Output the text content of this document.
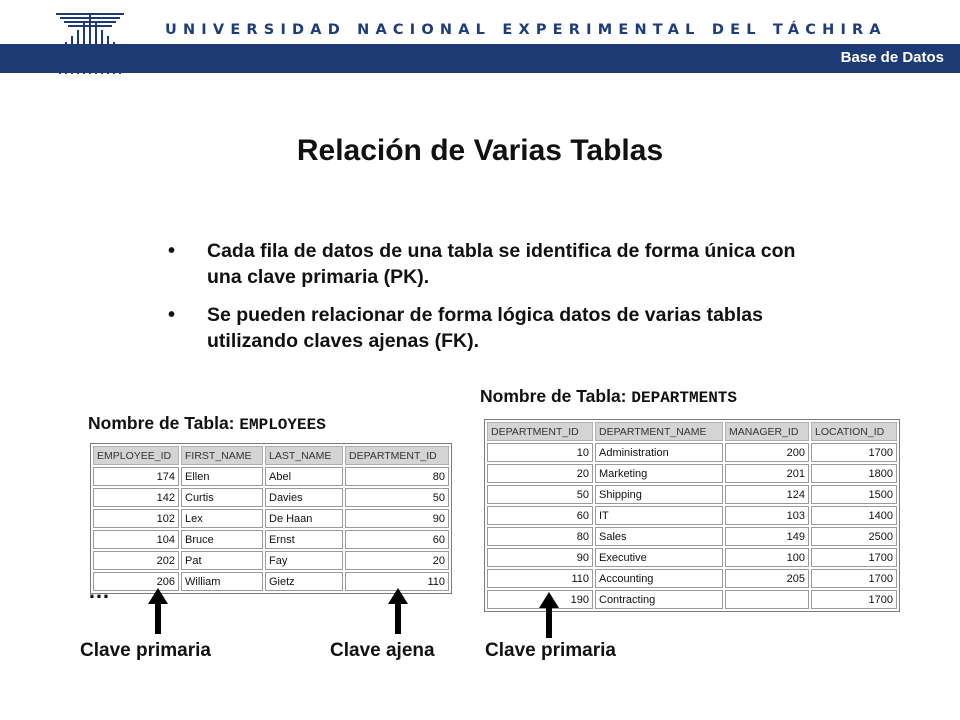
UNIVERSIDAD NACIONAL EXPERIMENTAL DEL TÁCHIRA
Base de Datos
Relación de Varias Tablas
• Cada fila de datos de una tabla se identifica de forma única con una clave primaria (PK).
• Se pueden relacionar de forma lógica datos de varias tablas utilizando claves ajenas (FK).
Nombre de Tabla: EMPLOYEES
Nombre de Tabla: DEPARTMENTS
EMPLOYEE_ID	FIRST_NAME	LAST_NAME	DEPARTMENT_ID
174	Ellen	Abel	80
142	Curtis	Davies	50
102	Lex	De Haan	90
104	Bruce	Ernst	60
202	Pat	Fay	20
206	William	Gietz	110
DEPARTMENT_ID	DEPARTMENT_NAME	MANAGER_ID	LOCATION_ID
10	Administration	200	1700
20	Marketing	201	1800
50	Shipping	124	1500
60	IT	103	1400
80	Sales	149	2500
90	Executive	100	1700
110	Accounting	205	1700
190	Contracting		1700
…
Clave primaria	Clave ajena	Clave primaria
